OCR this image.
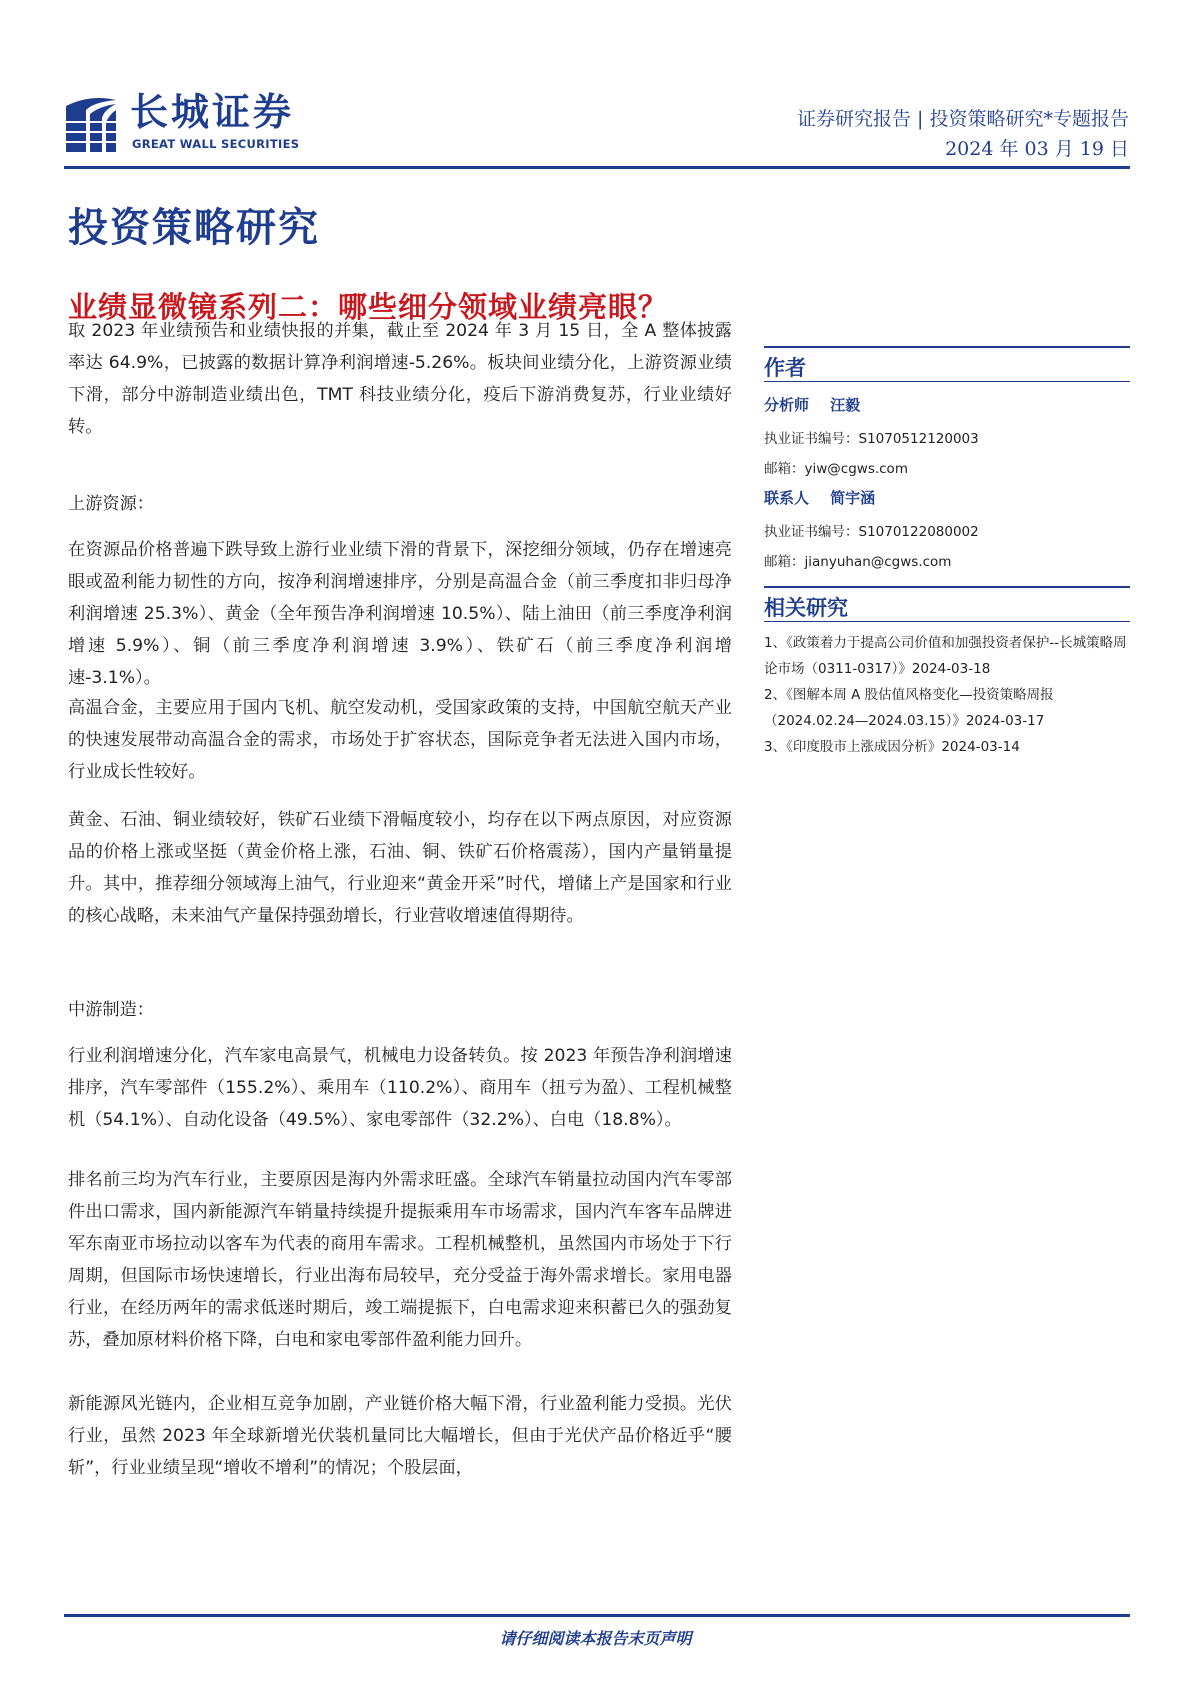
长城证券
GREAT WALL SECURITIES
证券研究报告 | 投资策略研究*专题报告
2024 年 03 月 19 日
投资策略研究
业绩显微镜系列二：哪些细分领域业绩亮眼？

取 2023 年业绩预告和业绩快报的并集，截止至 2024 年 3 月 15 日，全 A 整体披露率达 64.9%，已披露的数据计算净利润增速-5.26%。板块间业绩分化，上游资源业绩下滑，部分中游制造业绩出色，TMT 科技业绩分化，疫后下游消费复苏，行业业绩好转。

上游资源：

在资源品价格普遍下跌导致上游行业业绩下滑的背景下，深挖细分领域，仍存在增速亮眼或盈利能力韧性的方向，按净利润增速排序，分别是高温合金（前三季度扣非归母净利润增速 25.3%）、黄金（全年预告净利润增速 10.5%）、陆上油田（前三季度净利润增速 5.9%）、铜（前三季度净利润增速 3.9%）、铁矿石（前三季度净利润增速-3.1%）。

高温合金，主要应用于国内飞机、航空发动机，受国家政策的支持，中国航空航天产业的快速发展带动高温合金的需求，市场处于扩容状态，国际竞争者无法进入国内市场，行业成长性较好。

黄金、石油、铜业绩较好，铁矿石业绩下滑幅度较小，均存在以下两点原因，对应资源品的价格上涨或坚挺（黄金价格上涨，石油、铜、铁矿石价格震荡），国内产量销量提升。其中，推荐细分领域海上油气，行业迎来“黄金开采”时代，增储上产是国家和行业的核心战略，未来油气产量保持强劲增长，行业营收增速值得期待。

中游制造：

行业利润增速分化，汽车家电高景气，机械电力设备转负。按 2023 年预告净利润增速排序，汽车零部件（155.2%）、乘用车（110.2%）、商用车（扭亏为盈）、工程机械整机（54.1%）、自动化设备（49.5%）、家电零部件（32.2%）、白电（18.8%）。

排名前三均为汽车行业，主要原因是海内外需求旺盛。全球汽车销量拉动国内汽车零部件出口需求，国内新能源汽车销量持续提升提振乘用车市场需求，国内汽车客车品牌进军东南亚市场拉动以客车为代表的商用车需求。工程机械整机，虽然国内市场处于下行周期，但国际市场快速增长，行业出海布局较早，充分受益于海外需求增长。家用电器行业，在经历两年的需求低迷时期后，竣工端提振下，白电需求迎来积蓄已久的强劲复苏，叠加原材料价格下降，白电和家电零部件盈利能力回升。

新能源风光链内，企业相互竞争加剧，产业链价格大幅下滑，行业盈利能力受损。光伏行业，虽然 2023 年全球新增光伏装机量同比大幅增长，但由于光伏产品价格近乎“腰斩”，行业业绩呈现“增收不增利”的情况；个股层面，

作者
分析师 汪毅
执业证书编号：S1070512120003
邮箱：yiw@cgws.com
联系人 简宇涵
执业证书编号：S1070122080002
邮箱：jianyuhan@cgws.com
相关研究
1、《政策着力于提高公司价值和加强投资者保护--长城策略周论市场（0311-0317）》2024-03-18
2、《图解本周 A 股估值风格变化—投资策略周报（2024.02.24—2024.03.15）》2024-03-17
3、《印度股市上涨成因分析》2024-03-14
请仔细阅读本报告末页声明
